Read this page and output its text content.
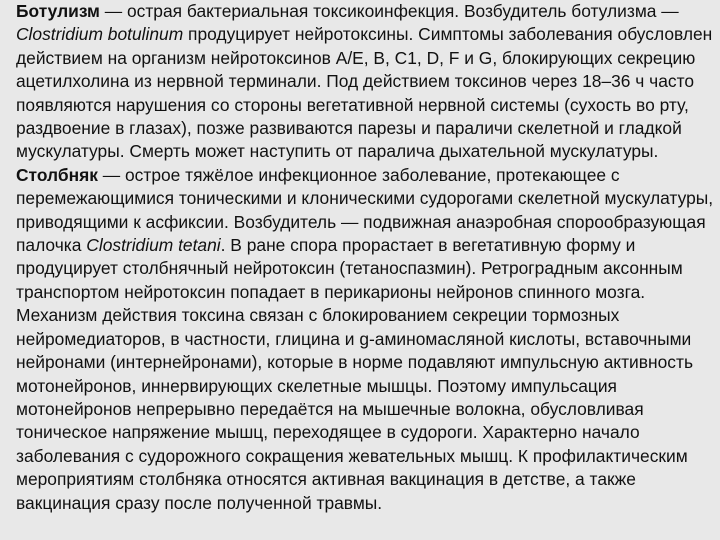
Ботулизм — острая бактериальная токсикоинфекция. Возбудитель ботулизма — Clostridium botulinum продуцирует нейротоксины. Симптомы заболевания обусловлен действием на организм нейротоксинов A/E, B, C1, D, F и G, блокирующих секрецию ацетилхолина из нервной терминали. Под действием токсинов через 18–36 ч часто появляются нарушения со стороны вегетативной нервной системы (сухость во рту, раздвоение в глазах), позже развиваются парезы и параличи скелетной и гладкой мускулатуры. Смерть может наступить от паралича дыхательной мускулатуры.

Столбняк — острое тяжёлое инфекционное заболевание, протекающее с перемежающимися тоническими и клоническими судорогами скелетной мускулатуры, приводящими к асфиксии. Возбудитель — подвижная анаэробная спорообразующая палочка Clostridium tetani. В ране спора прорастает в вегетативную форму и продуцирует столбнячный нейротоксин (тетаноспазмин). Ретроградным аксонным транспортом нейротоксин попадает в перикарионы нейронов спинного мозга. Механизм действия токсина связан с блокированием секреции тормозных нейромедиаторов, в частности, глицина и g-аминомасляной кислоты, вставочными нейронами (интернейронами), которые в норме подавляют импульсную активность мотонейронов, иннервирующих скелетные мышцы. Поэтому импульсация мотонейронов непрерывно передаётся на мышечные волокна, обусловливая тоническое напряжение мышц, переходящее в судороги. Характерно начало заболевания с судорожного сокращения жевательных мышц. К профилактическим мероприятиям столбняка относятся активная вакцинация в детстве, а также вакцинация сразу после полученной травмы.
